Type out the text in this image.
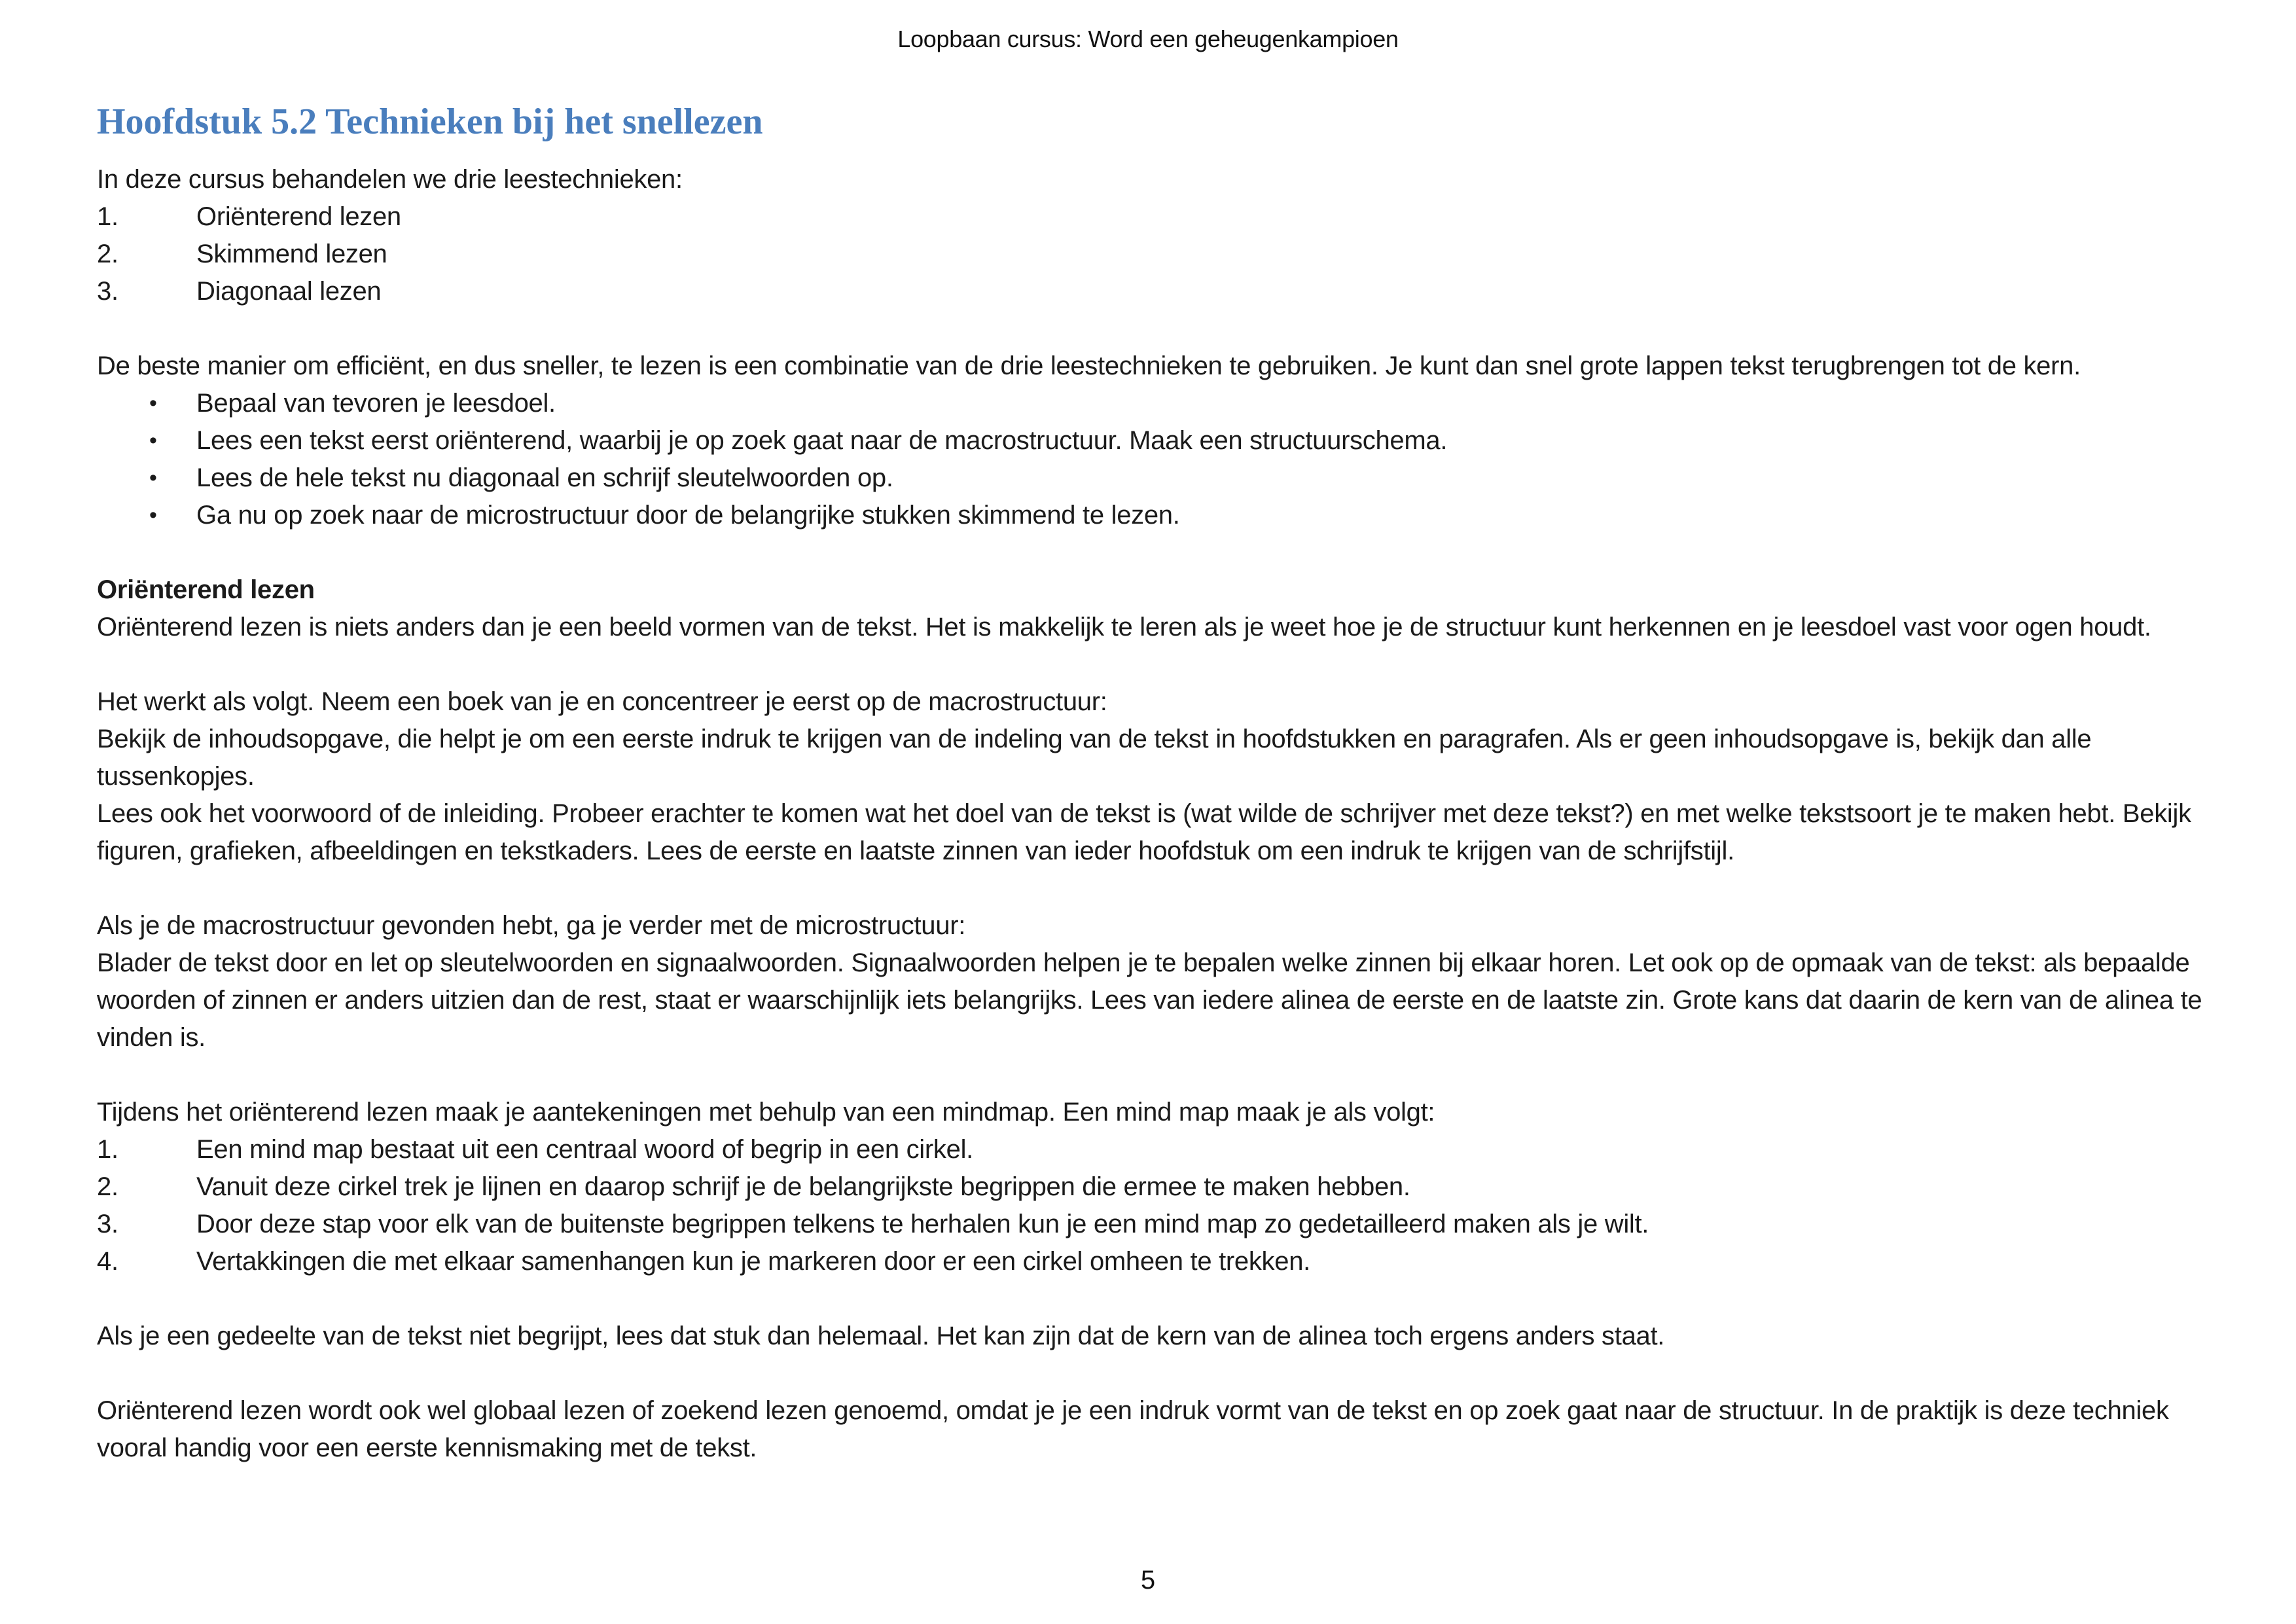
Loopbaan cursus: Word een geheugenkampioen
Hoofdstuk 5.2 Technieken bij het snellezen

In deze cursus behandelen we drie leestechnieken:

1.	Oriënterend lezen
2.	Skimmend lezen
3.	Diagonaal lezen

De beste manier om efficiënt, en dus sneller, te lezen is een combinatie van de drie leestechnieken te gebruiken. Je kunt dan snel grote lappen tekst terugbrengen tot de kern.

•	Bepaal van tevoren je leesdoel.
•	Lees een tekst eerst oriënterend, waarbij je op zoek gaat naar de macrostructuur. Maak een structuurschema.
•	Lees de hele tekst nu diagonaal en schrijf sleutelwoorden op.
•	Ga nu op zoek naar de microstructuur door de belangrijke stukken skimmend te lezen.

Oriënterend lezen

Oriënterend lezen is niets anders dan je een beeld vormen van de tekst. Het is makkelijk te leren als je weet hoe je de structuur kunt herkennen en je leesdoel vast voor ogen houdt.

Het werkt als volgt. Neem een boek van je en concentreer je eerst op de macrostructuur:

Bekijk de inhoudsopgave, die helpt je om een eerste indruk te krijgen van de indeling van de tekst in hoofdstukken en paragrafen. Als er geen inhoudsopgave is, bekijk dan alle tussenkopjes.

Lees ook het voorwoord of de inleiding. Probeer erachter te komen wat het doel van de tekst is (wat wilde de schrijver met deze tekst?) en met welke tekstsoort je te maken hebt. Bekijk figuren, grafieken, afbeeldingen en tekstkaders. Lees de eerste en laatste zinnen van ieder hoofdstuk om een indruk te krijgen van de schrijfstijl.

Als je de macrostructuur gevonden hebt, ga je verder met de microstructuur:

Blader de tekst door en let op sleutelwoorden en signaalwoorden. Signaalwoorden helpen je te bepalen welke zinnen bij elkaar horen. Let ook op de opmaak van de tekst: als bepaalde woorden of zinnen er anders uitzien dan de rest, staat er waarschijnlijk iets belangrijks. Lees van iedere alinea de eerste en de laatste zin. Grote kans dat daarin de kern van de alinea te vinden is.

Tijdens het oriënterend lezen maak je aantekeningen met behulp van een mindmap. Een mind map maak je als volgt:

1.	Een mind map bestaat uit een centraal woord of begrip in een cirkel.
2.	Vanuit deze cirkel trek je lijnen en daarop schrijf je de belangrijkste begrippen die ermee te maken hebben.
3.	Door deze stap voor elk van de buitenste begrippen telkens te herhalen kun je een mind map zo gedetailleerd maken als je wilt.
4.	Vertakkingen die met elkaar samenhangen kun je markeren door er een cirkel omheen te trekken.

Als je een gedeelte van de tekst niet begrijpt, lees dat stuk dan helemaal. Het kan zijn dat de kern van de alinea toch ergens anders staat.

Oriënterend lezen wordt ook wel globaal lezen of zoekend lezen genoemd, omdat je je een indruk vormt van de tekst en op zoek gaat naar de structuur. In de praktijk is deze techniek vooral handig voor een eerste kennismaking met de tekst.

5
